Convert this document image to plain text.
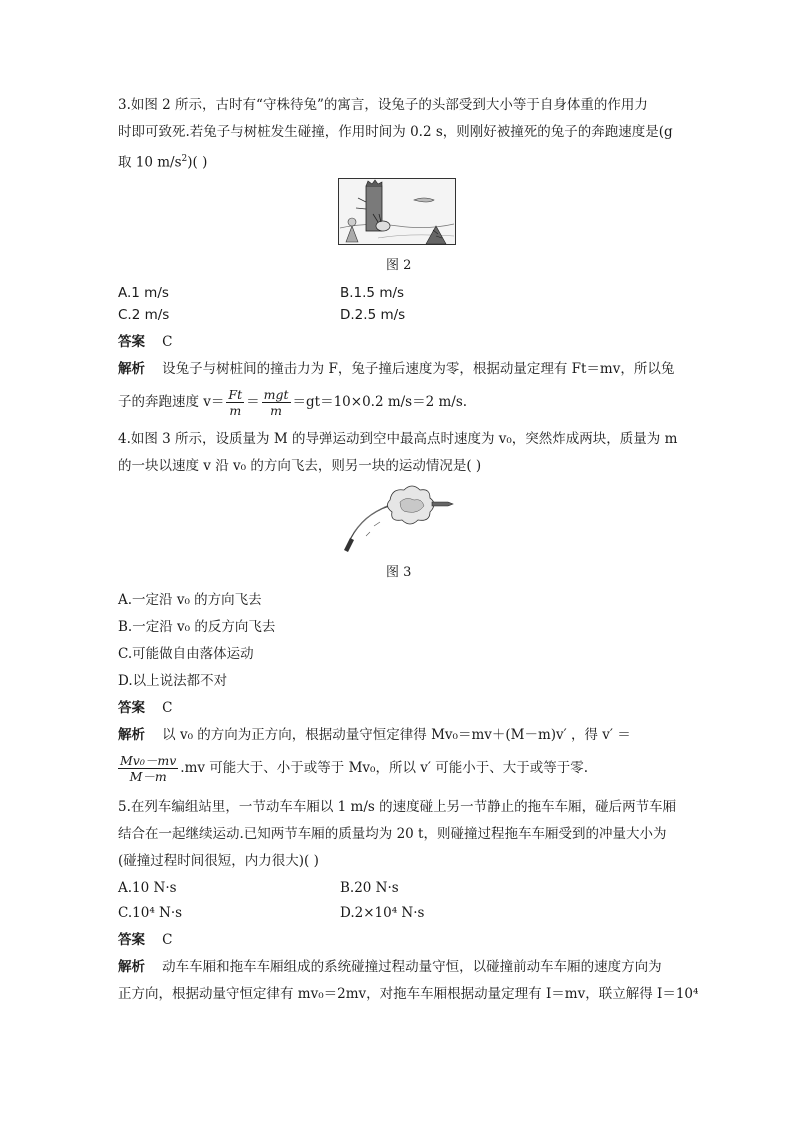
3.如图 2 所示，古时有“守株待兔”的寓言，设兔子的头部受到大小等于自身体重的作用力
时即可致死.若兔子与树桩发生碰撞，作用时间为 0.2 s，则刚好被撞死的兔子的奔跑速度是(g
取 10 $m/s^2$)( )
图 2
A.1 m/s	B.1.5 m/s
C.2 m/s	D.2.5 m/s
答案 C
解析 设兔子与树桩间的撞击力为 F，兔子撞后速度为零，根据动量定理有 Ft＝mv，所以兔
子的奔跑速度 $v= \frac{Ft}{m} = \frac{\text{mgt}}{m} =gt=10\times 0.2$ m/s＝2 m/s.
4.如图 3 所示，设质量为 M 的导弹运动到空中最高点时速度为 v₀，突然炸成两块，质量为 m
的一块以速度 v 沿 v₀ 的方向飞去，则另一块的运动情况是( )
图 3
A.一定沿 v₀ 的方向飞去
B.一定沿 v₀ 的反方向飞去
C.可能做自由落体运动
D.以上说法都不对
答案 C
解析 以 v₀ 的方向为正方向，根据动量守恒定律得 Mv₀＝mv＋(M－m)v′ ，得 v′ ＝
$\frac{\text{Mv₀－mv}}{M-m} .mv$ 可能大于、小于或等于 Mv₀，所以 v′ 可能小于、大于或等于零.
5.在列车编组站里，一节动车车厢以 1 m/s 的速度碰上另一节静止的拖车车厢，碰后两节车厢
结合在一起继续运动.已知两节车厢的质量均为 20 t，则碰撞过程拖车车厢受到的冲量大小为
(碰撞过程时间很短，内力很大)( )
A.10 N·s	B.20 N·s
C.10⁴ N·s	D.2×10⁴ N·s
答案 C
解析 动车车厢和拖车车厢组成的系统碰撞过程动量守恒，以碰撞前动车车厢的速度方向为
正方向，根据动量守恒定律有 mv₀＝2mv，对拖车车厢根据动量定理有 I＝mv，联立解得 I＝10⁴
